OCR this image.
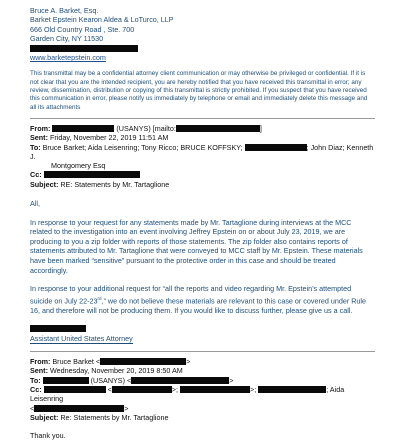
Bruce A. Barket, Esq.
Barket Epstein Kearon Aldea & LoTurco, LLP
666 Old Country Road , Ste. 700
Garden City, NY 11530
www.barketepstein.com
This transmittal may be a confidential attorney client communication or may otherwise be privileged or confidential. If it is not clear that you are the intended recipient, you are hereby notified that you have received this transmittal in error; any review, dissemination, distribution or copying of this transmittal is strictly prohibited. If you suspect that you have received this communication in error, please notify us immediately by telephone or email and immediately delete this message and all its attachments
From:	(USANYS) [mailto:	]
Sent: Friday, November 22, 2019 11:51 AM
To: Bruce Barket; Aida Leisenring; Tony Ricco; BRUCE KOFFSKY;	; John Diaz; Kenneth J.
Montgomery Esq
Cc:
Subject: RE: Statements by Mr. Tartaglione

All,

In response to your request for any statements made by Mr. Tartaglione during interviews at the MCC related to the investigation into an event involving Jeffrey Epstein on or about July 23, 2019, we are producing to you a zip folder with reports of those statements. The zip folder also contains reports of statements attributed to Mr. Tartaglione that were conveyed to MCC staff by Mr. Epstein. These materials have been marked “sensitive” pursuant to the protective order in this case and should be treated accordingly.

In response to your additional request for “all the reports and video regarding Mr. Epstein’s attempted suicide on July 22-23rd,” we do not believe these materials are relevant to this case or covered under Rule 16, and therefore will not be producing them. If you would like to discuss further, please give us a call.

Assistant United States Attorney
From: Bruce Barket <	>
Sent: Wednesday, November 20, 2019 8:50 AM
To:	(USANYS) <	>
Cc:	<	>;	>;	; Aida Leisenring
<	>
Subject: Re: Statements by Mr. Tartaglione
Thank you.
